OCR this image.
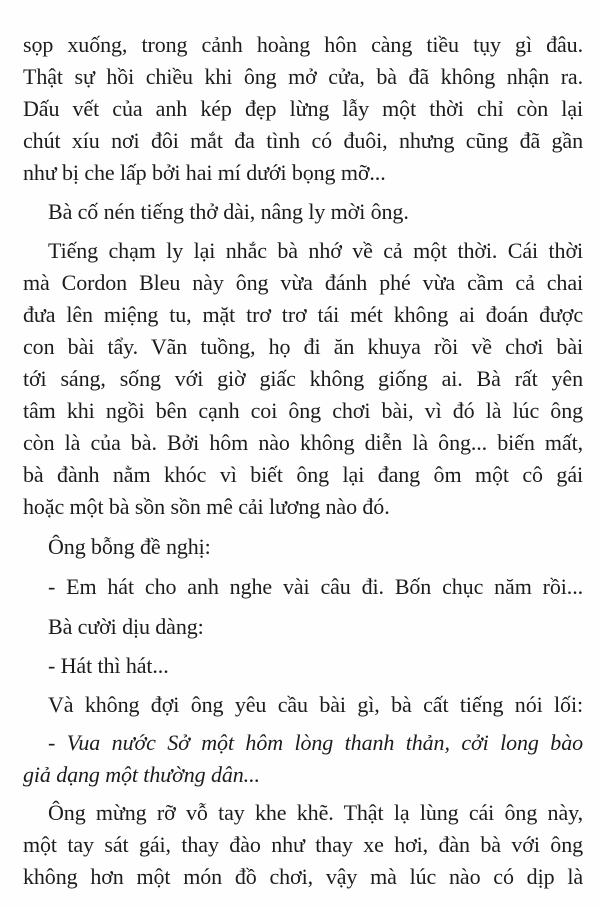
sọp xuống, trong cảnh hoàng hôn càng tiều tụy gì đâu.

Thật sự hồi chiều khi ông mở cửa, bà đã không nhận ra.

Dấu vết của anh kép đẹp lừng lẫy một thời chỉ còn lại

chút xíu nơi đôi mắt đa tình có đuôi, nhưng cũng đã gần

như bị che lấp bởi hai mí dưới bọng mỡ...

Bà cố nén tiếng thở dài, nâng ly mời ông.

Tiếng chạm ly lại nhắc bà nhớ về cả một thời. Cái thời

mà Cordon Bleu này ông vừa đánh phé vừa cầm cả chai

đưa lên miệng tu, mặt trơ trơ tái mét không ai đoán được

con bài tẩy. Vãn tuồng, họ đi ăn khuya rồi về chơi bài

tới sáng, sống với giờ giấc không giống ai. Bà rất yên

tâm khi ngồi bên cạnh coi ông chơi bài, vì đó là lúc ông

còn là của bà. Bởi hôm nào không diễn là ông... biến mất,

bà đành nằm khóc vì biết ông lại đang ôm một cô gái

hoặc một bà sồn sồn mê cải lương nào đó.

Ông bỗng đề nghị:

- Em hát cho anh nghe vài câu đi. Bốn chục năm rồi...

Bà cười dịu dàng:

- Hát thì hát...

Và không đợi ông yêu cầu bài gì, bà cất tiếng nói lối:

- Vua nước Sở một hôm lòng thanh thản, cởi long bào

giả dạng một thường dân...

Ông mừng rỡ vỗ tay khe khẽ. Thật lạ lùng cái ông này,

một tay sát gái, thay đào như thay xe hơi, đàn bà với ông

không hơn một món đồ chơi, vậy mà lúc nào có dịp là
